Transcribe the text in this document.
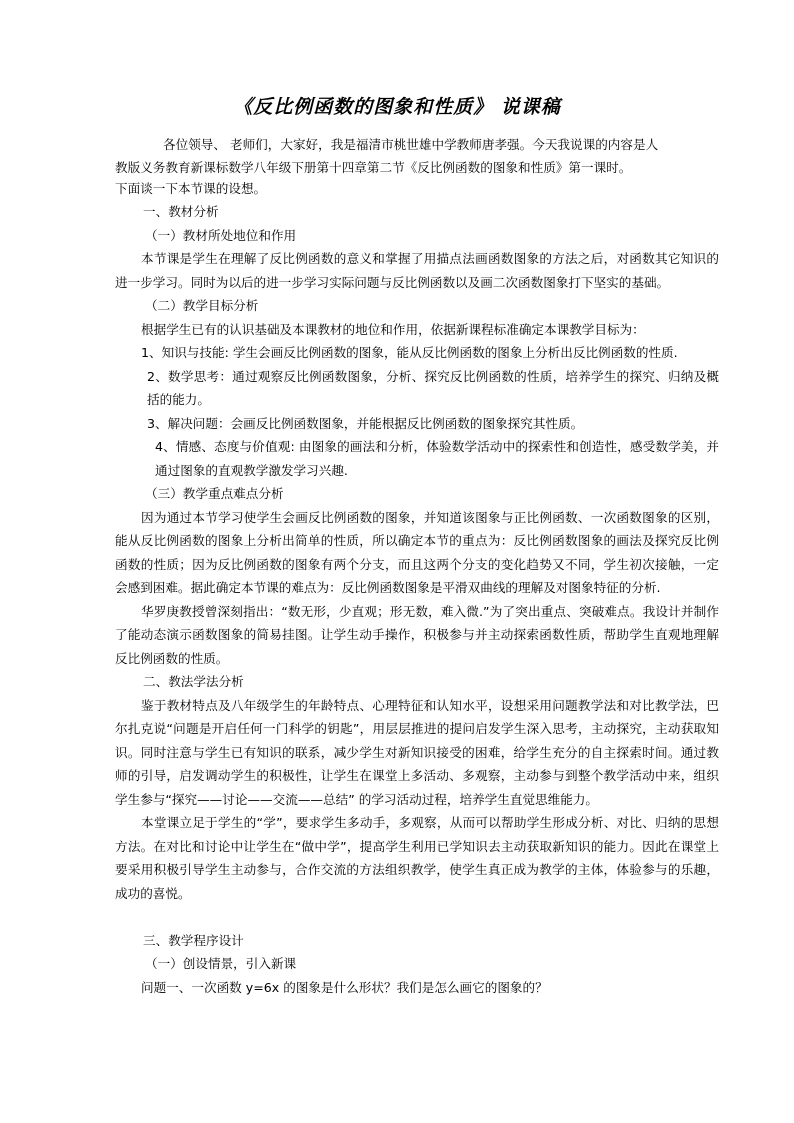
《反比例函数的图象和性质》 说课稿
各位领导、 老师们，大家好，我是福清市桃世雄中学教师唐孝强。今天我说课的内容是人
教版义务教育新课标数学八年级下册第十四章第二节《反比例函数的图象和性质》第一课时。
下面谈一下本节课的设想。

一、教材分析

（一）教材所处地位和作用

本节课是学生在理解了反比例函数的意义和掌握了用描点法画函数图象的方法之后，对函数其它知识的进一步学习。同时为以后的进一步学习实际问题与反比例函数以及画二次函数图象打下坚实的基础。

（二）教学目标分析

根据学生已有的认识基础及本课教材的地位和作用，依据新课程标准确定本课教学目标为：

1、知识与技能: 学生会画反比例函数的图象，能从反比例函数的图象上分析出反比例函数的性质.

2、数学思考：通过观察反比例函数图象，分析、探究反比例函数的性质，培养学生的探究、归纳及概括的能力。

3、解决问题：会画反比例函数图象，并能根据反比例函数的图象探究其性质。

4、情感、态度与价值观: 由图象的画法和分析，体验数学活动中的探索性和创造性，感受数学美，并通过图象的直观教学激发学习兴趣.

（三）教学重点难点分析

因为通过本节学习使学生会画反比例函数的图象，并知道该图象与正比例函数、一次函数图象的区别，能从反比例函数的图象上分析出简单的性质，所以确定本节的重点为：反比例函数图象的画法及探究反比例函数的性质；因为反比例函数的图象有两个分支，而且这两个分支的变化趋势又不同，学生初次接触，一定会感到困难。据此确定本节课的难点为：反比例函数图象是平滑双曲线的理解及对图象特征的分析.

华罗庚教授曾深刻指出：“数无形，少直观；形无数，难入微.”为了突出重点、突破难点。我设计并制作了能动态演示函数图象的简易挂图。让学生动手操作，积极参与并主动探索函数性质，帮助学生直观地理解反比例函数的性质。

二、教法学法分析

鉴于教材特点及八年级学生的年龄特点、心理特征和认知水平，设想采用问题教学法和对比教学法，巴尔扎克说“问题是开启任何一门科学的钥匙”，用层层推进的提问启发学生深入思考，主动探究，主动获取知识。同时注意与学生已有知识的联系，减少学生对新知识接受的困难，给学生充分的自主探索时间。通过教师的引导，启发调动学生的积极性，让学生在课堂上多活动、多观察，主动参与到整个教学活动中来，组织学生参与“探究——讨论——交流——总结” 的学习活动过程，培养学生直觉思维能力。

本堂课立足于学生的“学”，要求学生多动手，多观察，从而可以帮助学生形成分析、对比、归纳的思想方法。在对比和讨论中让学生在“做中学”，提高学生利用已学知识去主动获取新知识的能力。因此在课堂上要采用积极引导学生主动参与，合作交流的方法组织教学，使学生真正成为教学的主体，体验参与的乐趣，成功的喜悦。

三、教学程序设计

（一）创设情景，引入新课

问题一、一次函数 y=6x 的图象是什么形状？我们是怎么画它的图象的？
